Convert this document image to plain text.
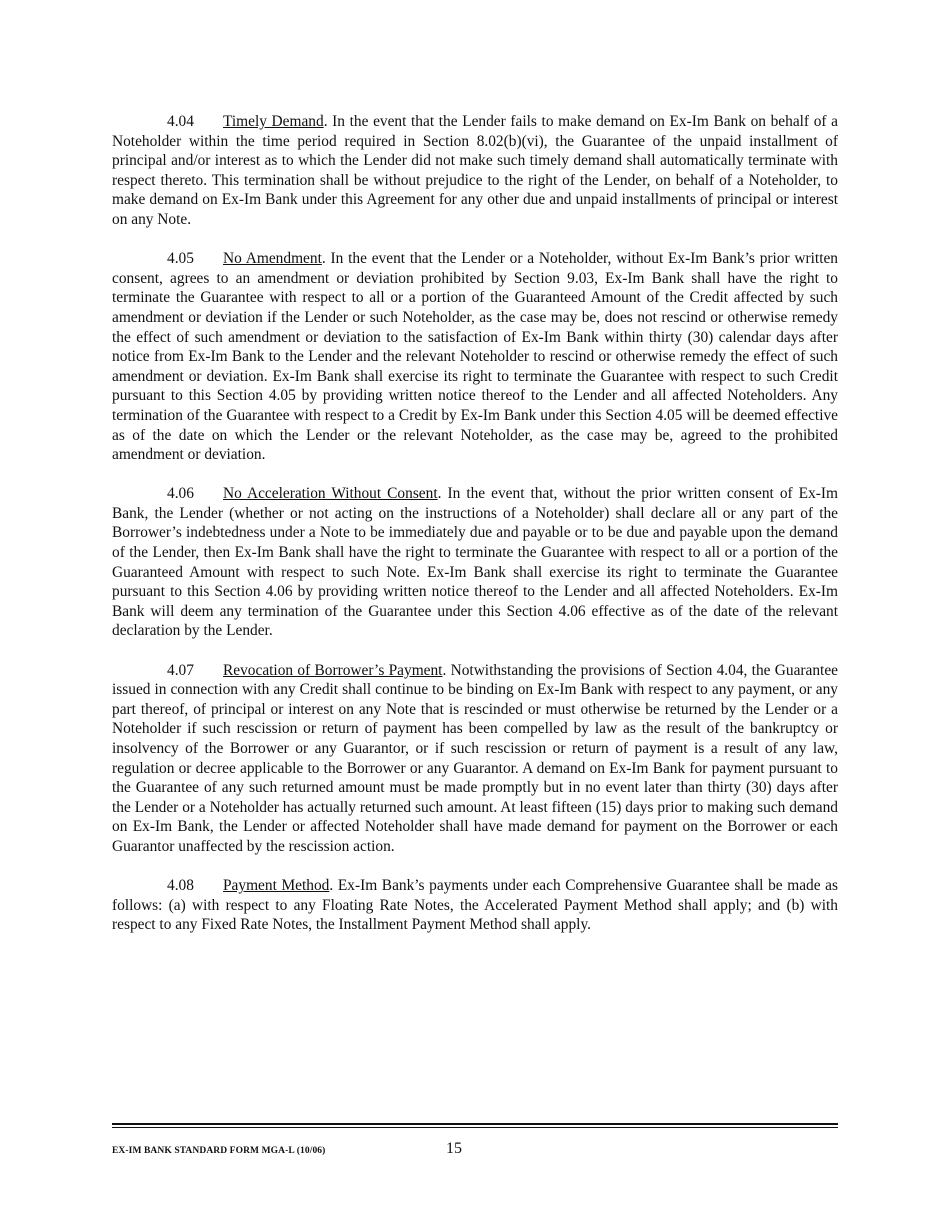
4.04 Timely Demand. In the event that the Lender fails to make demand on Ex-Im Bank on behalf of a Noteholder within the time period required in Section 8.02(b)(vi), the Guarantee of the unpaid installment of principal and/or interest as to which the Lender did not make such timely demand shall automatically terminate with respect thereto. This termination shall be without prejudice to the right of the Lender, on behalf of a Noteholder, to make demand on Ex-Im Bank under this Agreement for any other due and unpaid installments of principal or interest on any Note.

4.05 No Amendment. In the event that the Lender or a Noteholder, without Ex-Im Bank’s prior written consent, agrees to an amendment or deviation prohibited by Section 9.03, Ex-Im Bank shall have the right to terminate the Guarantee with respect to all or a portion of the Guaranteed Amount of the Credit affected by such amendment or deviation if the Lender or such Noteholder, as the case may be, does not rescind or otherwise remedy the effect of such amendment or deviation to the satisfaction of Ex-Im Bank within thirty (30) calendar days after notice from Ex-Im Bank to the Lender and the relevant Noteholder to rescind or otherwise remedy the effect of such amendment or deviation. Ex-Im Bank shall exercise its right to terminate the Guarantee with respect to such Credit pursuant to this Section 4.05 by providing written notice thereof to the Lender and all affected Noteholders. Any termination of the Guarantee with respect to a Credit by Ex-Im Bank under this Section 4.05 will be deemed effective as of the date on which the Lender or the relevant Noteholder, as the case may be, agreed to the prohibited amendment or deviation.

4.06 No Acceleration Without Consent. In the event that, without the prior written consent of Ex-Im Bank, the Lender (whether or not acting on the instructions of a Noteholder) shall declare all or any part of the Borrower’s indebtedness under a Note to be immediately due and payable or to be due and payable upon the demand of the Lender, then Ex-Im Bank shall have the right to terminate the Guarantee with respect to all or a portion of the Guaranteed Amount with respect to such Note. Ex-Im Bank shall exercise its right to terminate the Guarantee pursuant to this Section 4.06 by providing written notice thereof to the Lender and all affected Noteholders. Ex-Im Bank will deem any termination of the Guarantee under this Section 4.06 effective as of the date of the relevant declaration by the Lender.

4.07 Revocation of Borrower’s Payment. Notwithstanding the provisions of Section 4.04, the Guarantee issued in connection with any Credit shall continue to be binding on Ex-Im Bank with respect to any payment, or any part thereof, of principal or interest on any Note that is rescinded or must otherwise be returned by the Lender or a Noteholder if such rescission or return of payment has been compelled by law as the result of the bankruptcy or insolvency of the Borrower or any Guarantor, or if such rescission or return of payment is a result of any law, regulation or decree applicable to the Borrower or any Guarantor. A demand on Ex-Im Bank for payment pursuant to the Guarantee of any such returned amount must be made promptly but in no event later than thirty (30) days after the Lender or a Noteholder has actually returned such amount. At least fifteen (15) days prior to making such demand on Ex-Im Bank, the Lender or affected Noteholder shall have made demand for payment on the Borrower or each Guarantor unaffected by the rescission action.

4.08 Payment Method. Ex-Im Bank’s payments under each Comprehensive Guarantee shall be made as follows: (a) with respect to any Floating Rate Notes, the Accelerated Payment Method shall apply; and (b) with respect to any Fixed Rate Notes, the Installment Payment Method shall apply.

EX-IM BANK STANDARD FORM MGA-L (10/06)	15
